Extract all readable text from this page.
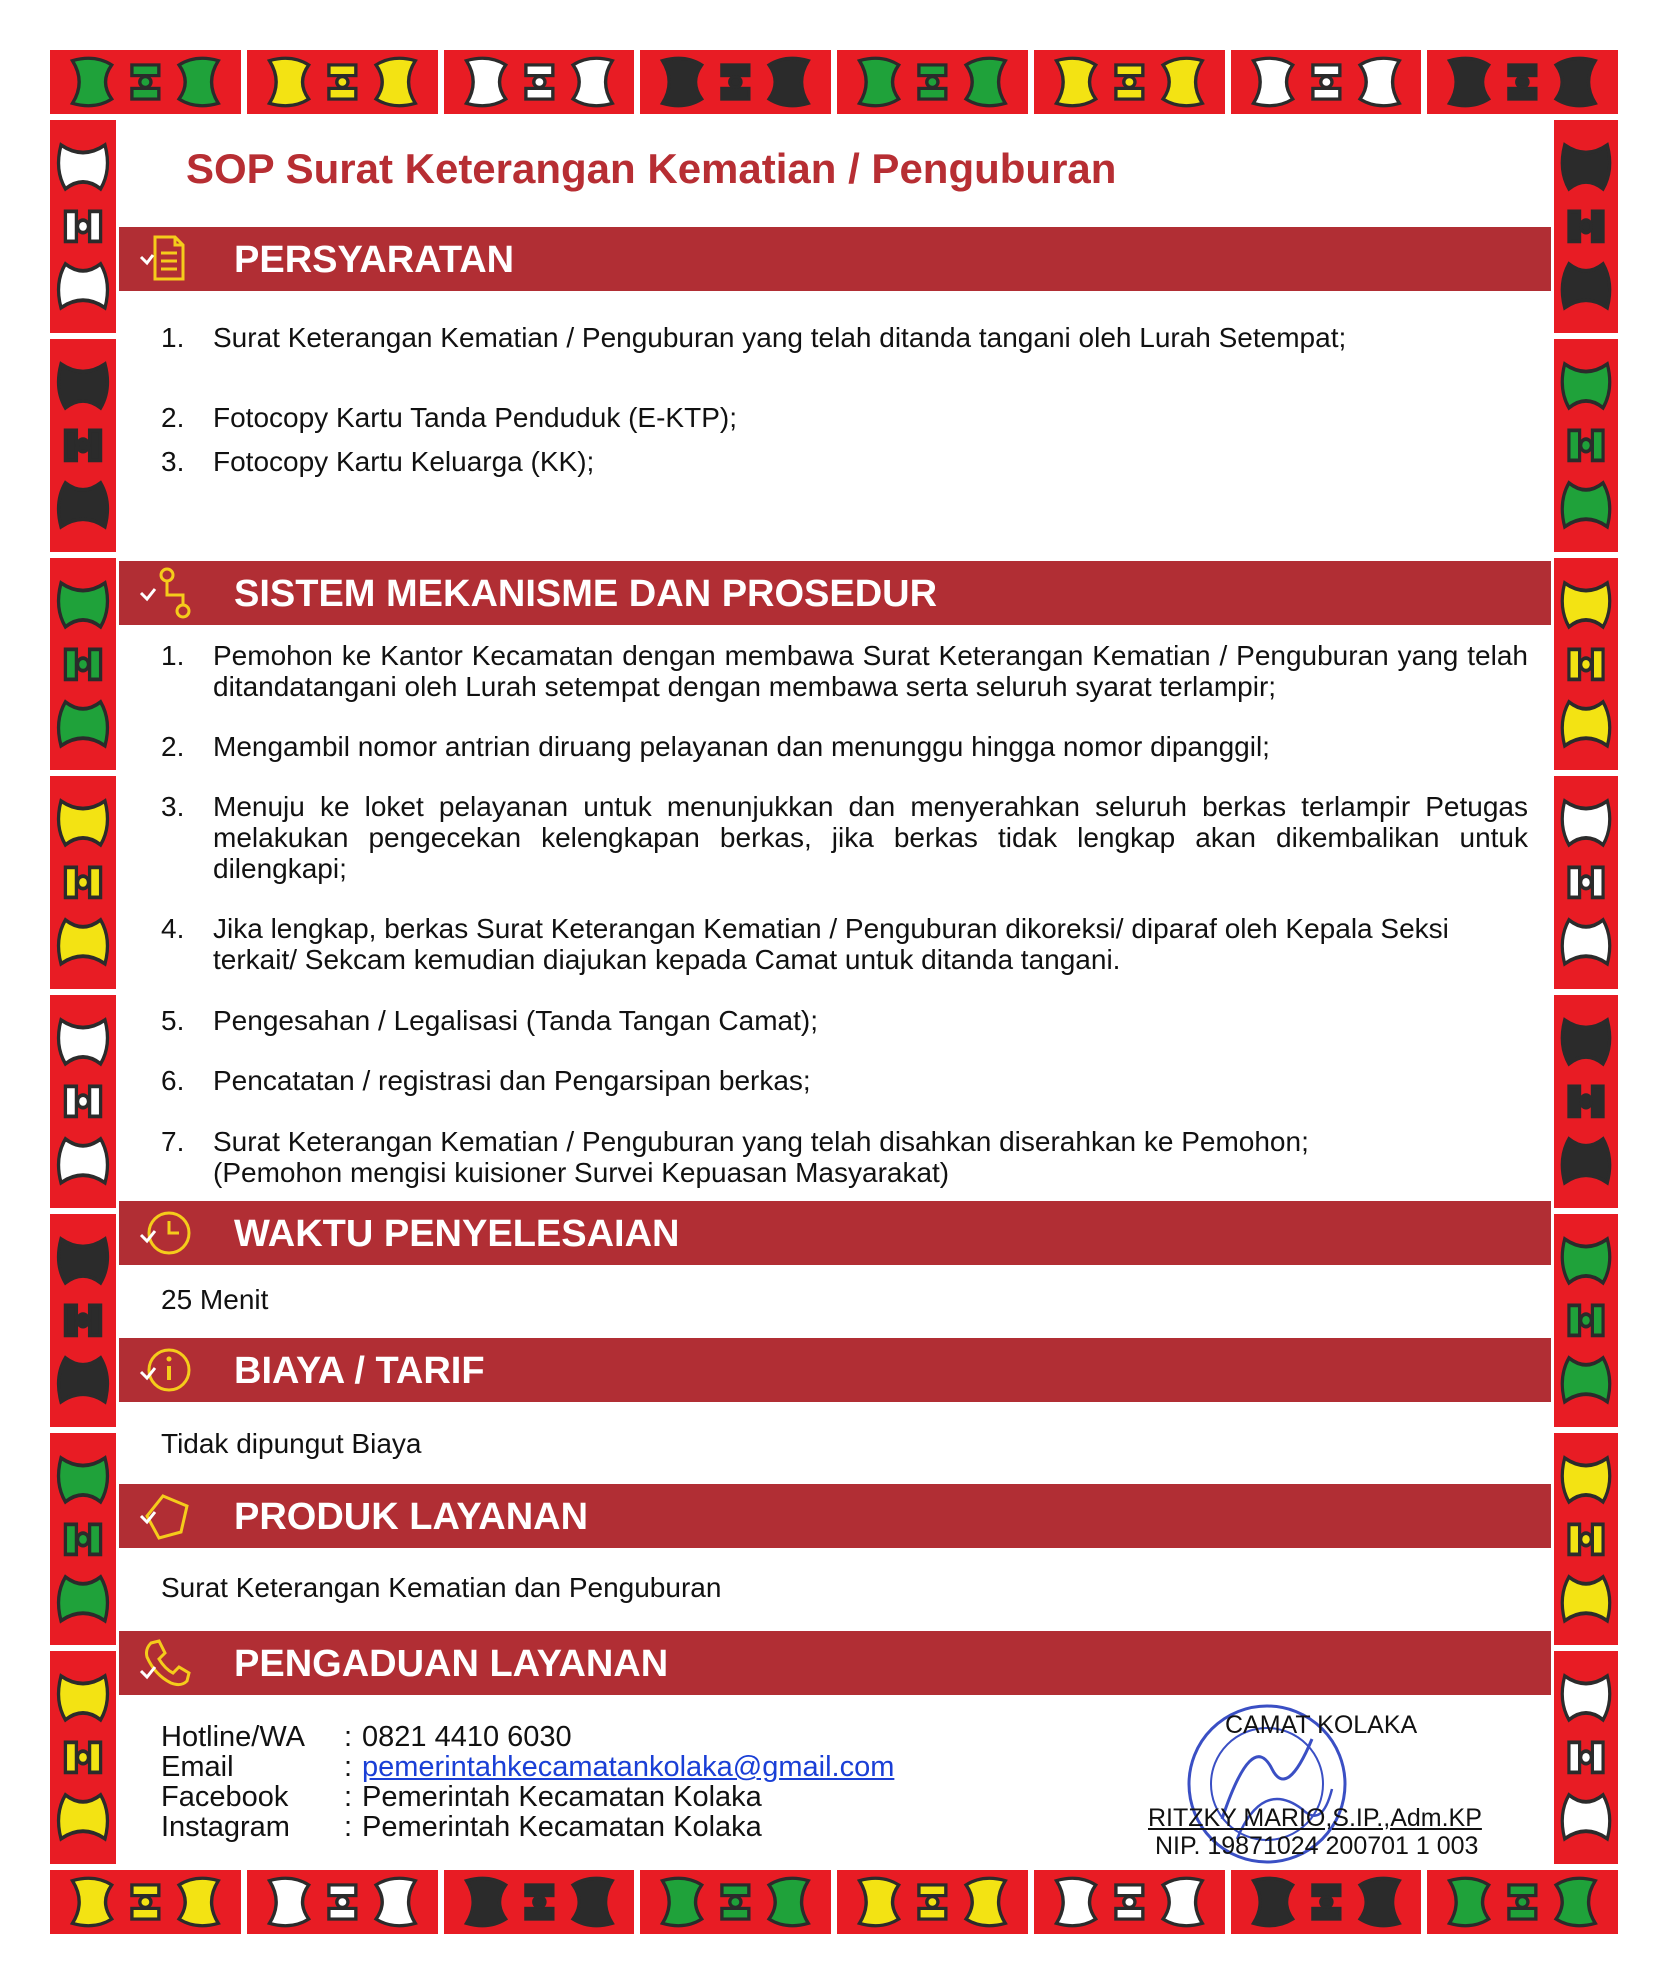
SOP Surat Keterangan Kematian / Penguburan
PERSYARATAN
1.	Surat Keterangan Kematian / Penguburan yang telah ditanda tangani oleh Lurah Setempat;
2.	Fotocopy Kartu Tanda Penduduk (E-KTP);
3.	Fotocopy Kartu Keluarga (KK);
SISTEM MEKANISME DAN PROSEDUR
1.	Pemohon ke Kantor Kecamatan dengan membawa Surat Keterangan Kematian / Penguburan yang telah ditandatangani oleh Lurah setempat dengan membawa serta seluruh syarat terlampir;
2.	Mengambil nomor antrian diruang pelayanan dan menunggu hingga nomor dipanggil;
3.	Menuju ke loket pelayanan untuk menunjukkan dan menyerahkan seluruh berkas terlampir Petugas melakukan pengecekan kelengkapan berkas, jika berkas tidak lengkap akan dikembalikan untuk dilengkapi;
4.	Jika lengkap, berkas Surat Keterangan Kematian / Penguburan dikoreksi/ diparaf oleh Kepala Seksi terkait/ Sekcam kemudian diajukan kepada Camat untuk ditanda tangani.
5.	Pengesahan / Legalisasi (Tanda Tangan Camat);
6.	Pencatatan / registrasi dan Pengarsipan berkas;
7.	Surat Keterangan Kematian / Penguburan yang telah disahkan diserahkan ke Pemohon; (Pemohon mengisi kuisioner Survei Kepuasan Masyarakat)
WAKTU PENYELESAIAN
25 Menit
BIAYA / TARIF
Tidak dipungut Biaya
PRODUK LAYANAN
Surat Keterangan Kematian dan Penguburan
PENGADUAN LAYANAN
Hotline/WA : 0821 4410 6030
Email	: pemerintahkecamatankolaka@gmail.com
Facebook : Pemerintah Kecamatan Kolaka
Instagram : Pemerintah Kecamatan Kolaka
CAMAT KOLAKA
RITZKY MARIO,S.IP.,Adm.KP
NIP. 19871024 200701 1 003
